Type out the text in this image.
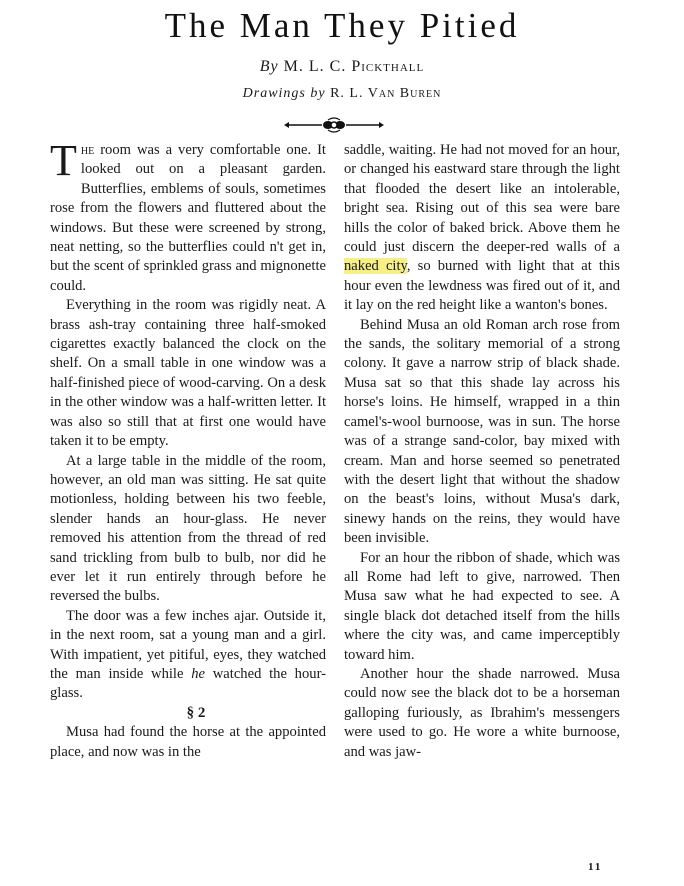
The Man They Pitied
By M. L. C. Pickthall
Drawings by R. L. Van Buren

The room was a very comfortable one. It looked out on a pleasant garden. Butterflies, emblems of souls, sometimes rose from the flowers and fluttered about the windows. But these were screened by strong, neat netting, so the butterflies could n't get in, but the scent of sprinkled grass and mignonette could.

Everything in the room was rigidly neat. A brass ash-tray containing three half-smoked cigarettes exactly balanced the clock on the shelf. On a small table in one window was a half-finished piece of wood-carving. On a desk in the other window was a half-written letter. It was also so still that at first one would have taken it to be empty.

At a large table in the middle of the room, however, an old man was sitting. He sat quite motionless, holding between his two feeble, slender hands an hour-glass. He never removed his attention from the thread of red sand trickling from bulb to bulb, nor did he ever let it run entirely through before he reversed the bulbs.

The door was a few inches ajar. Outside it, in the next room, sat a young man and a girl. With impatient, yet pitiful, eyes, they watched the man inside while he watched the hour-glass.

§ 2

Musa had found the horse at the appointed place, and now was in the

saddle, waiting. He had not moved for an hour, or changed his eastward stare through the light that flooded the desert like an intolerable, bright sea. Rising out of this sea were bare hills the color of baked brick. Above them he could just discern the deeper-red walls of a naked city, so burned with light that at this hour even the lewdness was fired out of it, and it lay on the red height like a wanton's bones.

Behind Musa an old Roman arch rose from the sands, the solitary memorial of a strong colony. It gave a narrow strip of black shade. Musa sat so that this shade lay across his horse's loins. He himself, wrapped in a thin camel's-wool burnoose, was in sun. The horse was of a strange sand-color, bay mixed with cream. Man and horse seemed so penetrated with the desert light that without the shadow on the beast's loins, without Musa's dark, sinewy hands on the reins, they would have been invisible.

For an hour the ribbon of shade, which was all Rome had left to give, narrowed. Then Musa saw what he had expected to see. A single black dot detached itself from the hills where the city was, and came imperceptibly toward him.

Another hour the shade narrowed. Musa could now see the black dot to be a horseman galloping furiously, as Ibrahim's messengers were used to go. He wore a white burnoose, and was jaw-

11
